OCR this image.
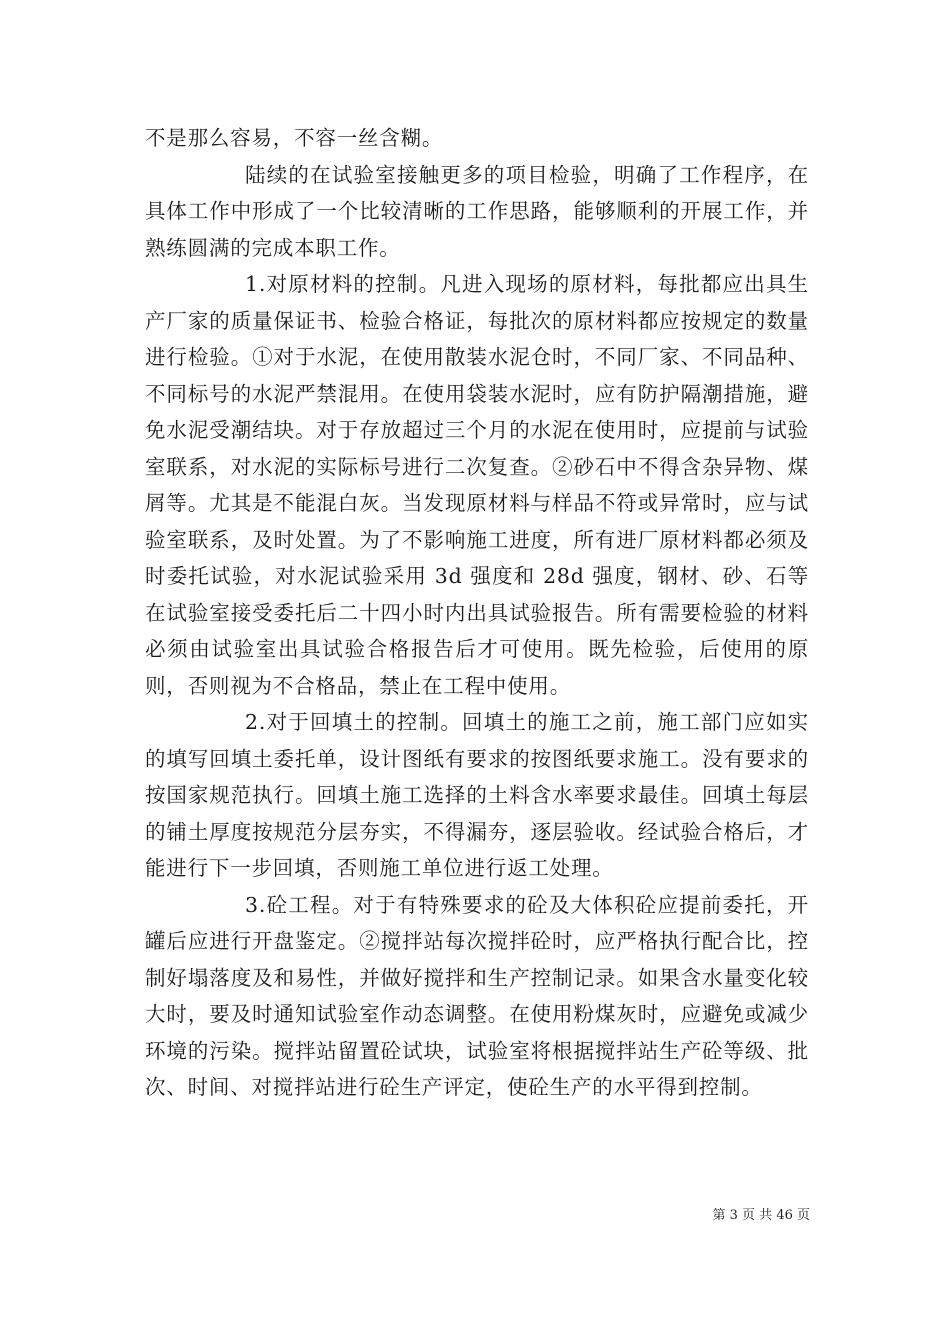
不是那么容易，不容一丝含糊。

陆续的在试验室接触更多的项目检验，明确了工作程序，在具体工作中形成了一个比较清晰的工作思路，能够顺利的开展工作，并熟练圆满的完成本职工作。

1.对原材料的控制。凡进入现场的原材料，每批都应出具生产厂家的质量保证书、检验合格证，每批次的原材料都应按规定的数量进行检验。①对于水泥，在使用散装水泥仓时，不同厂家、不同品种、不同标号的水泥严禁混用。在使用袋装水泥时，应有防护隔潮措施，避免水泥受潮结块。对于存放超过三个月的水泥在使用时，应提前与试验室联系，对水泥的实际标号进行二次复查。②砂石中不得含杂异物、煤屑等。尤其是不能混白灰。当发现原材料与样品不符或异常时，应与试验室联系，及时处置。为了不影响施工进度，所有进厂原材料都必须及时委托试验，对水泥试验采用 3d 强度和 28d 强度，钢材、砂、石等在试验室接受委托后二十四小时内出具试验报告。所有需要检验的材料必须由试验室出具试验合格报告后才可使用。既先检验，后使用的原则，否则视为不合格品，禁止在工程中使用。

2.对于回填土的控制。回填土的施工之前，施工部门应如实的填写回填土委托单，设计图纸有要求的按图纸要求施工。没有要求的按国家规范执行。回填土施工选择的土料含水率要求最佳。回填土每层的铺土厚度按规范分层夯实，不得漏夯，逐层验收。经试验合格后，才能进行下一步回填，否则施工单位进行返工处理。

3.砼工程。对于有特殊要求的砼及大体积砼应提前委托，开罐后应进行开盘鉴定。②搅拌站每次搅拌砼时，应严格执行配合比，控制好塌落度及和易性，并做好搅拌和生产控制记录。如果含水量变化较大时，要及时通知试验室作动态调整。在使用粉煤灰时，应避免或减少环境的污染。搅拌站留置砼试块，试验室将根据搅拌站生产砼等级、批次、时间、对搅拌站进行砼生产评定，使砼生产的水平得到控制。

第 3 页 共 46 页
